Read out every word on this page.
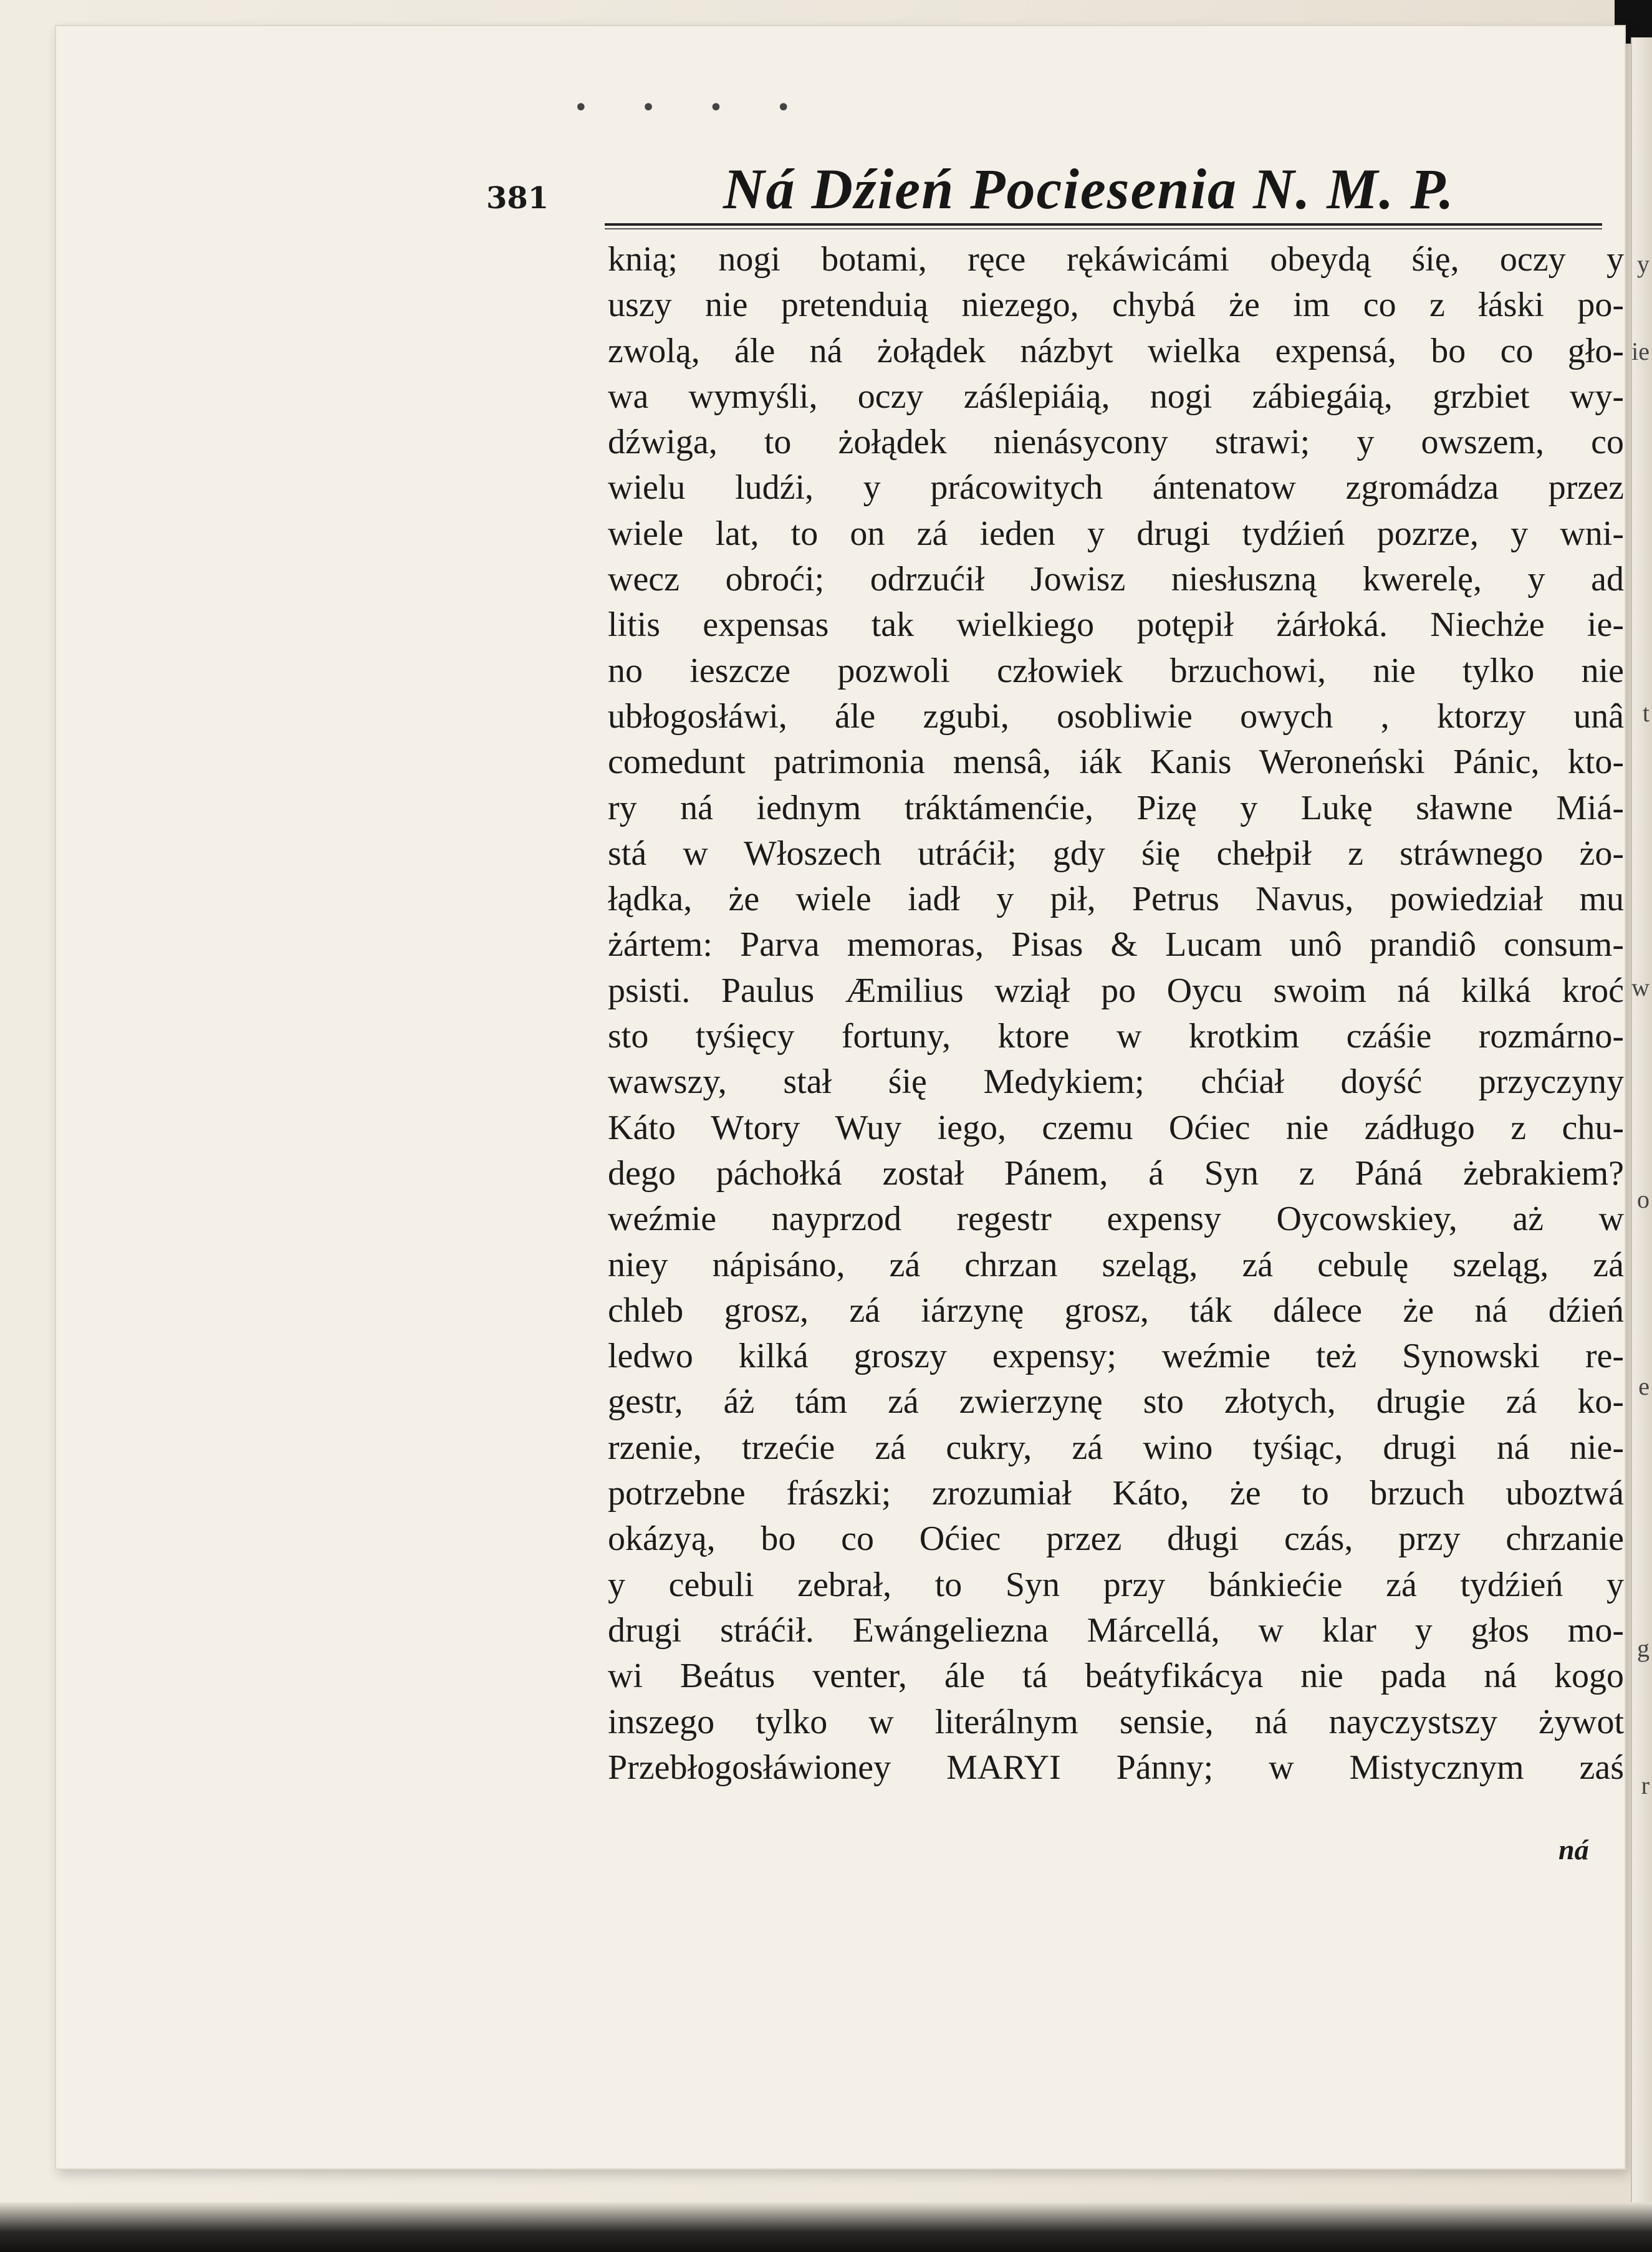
• • • •
381	Ná Dźień Pociesenia N. M. P.
knią; nogi botami, ręce rękáwicámi obeydą śię, oczy y
uszy nie pretenduią niezego, chybá że im co z łáski po-
zwolą, ále ná żołądek názbyt wielka expensá, bo co gło-
wa wymyśli, oczy záślepiáią, nogi zábiegáią, grzbiet wy-
dźwiga, to żołądek nienásycony strawi; y owszem, co
wielu ludźi, y prácowitych ántenatow zgromádza przez
wiele lat, to on zá ieden y drugi tydźień pozrze, y wni-
wecz obroći; odrzućił Jowisz niesłuszną kwerelę, y ad
litis expensas tak wielkiego potępił żárłoká. Niechże ie-
no ieszcze pozwoli człowiek brzuchowi, nie tylko nie
ubłogosłáwi, ále zgubi, osobliwie owych , ktorzy unâ
comedunt patrimonia mensâ, iák Kanis Weroneński Pánic, kto-
ry ná iednym tráktámenćie, Pizę y Lukę sławne Miá-
stá w Włoszech utráćił; gdy śię chełpił z stráwnego żo-
łądka, że wiele iadł y pił, Petrus Navus, powiedział mu
żártem: Parva memoras, Pisas & Lucam unô prandiô consum-
psisti. Paulus Æmilius wziął po Oycu swoim ná kilká kroć
sto tyśięcy fortuny, ktore w krotkim czáśie rozmárno-
wawszy, stał śię Medykiem; chćiał doyść przyczyny
Káto Wtory Wuy iego, czemu Oćiec nie zádługo z chu-
dego páchołká został Pánem, á Syn z Páná żebrakiem?
weźmie nayprzod regestr expensy Oycowskiey, aż w
niey nápisáno, zá chrzan szeląg, zá cebulę szeląg, zá
chleb grosz, zá iárzynę grosz, ták dálece że ná dźień
ledwo kilká groszy expensy; weźmie też Synowski re-
gestr, áż tám zá zwierzynę sto złotych, drugie zá ko-
rzenie, trzećie zá cukry, zá wino tyśiąc, drugi ná nie-
potrzebne frászki; zrozumiał Káto, że to brzuch uboztwá
okázyą, bo co Oćiec przez długi czás, przy chrzanie
y cebuli zebrał, to Syn przy bánkiećie zá tydźień y
drugi stráćił. Ewángeliezna Márcellá, w klar y głos mo-
wi Beátus venter, ále tá beátyfikácya nie pada ná kogo
inszego tylko w literálnym sensie, ná nayczystszy żywot
Przebłogosłáwioney MARYI Pánny; w Mistycznym zaś
ná
y
ie
t
w
o
e
g
r
